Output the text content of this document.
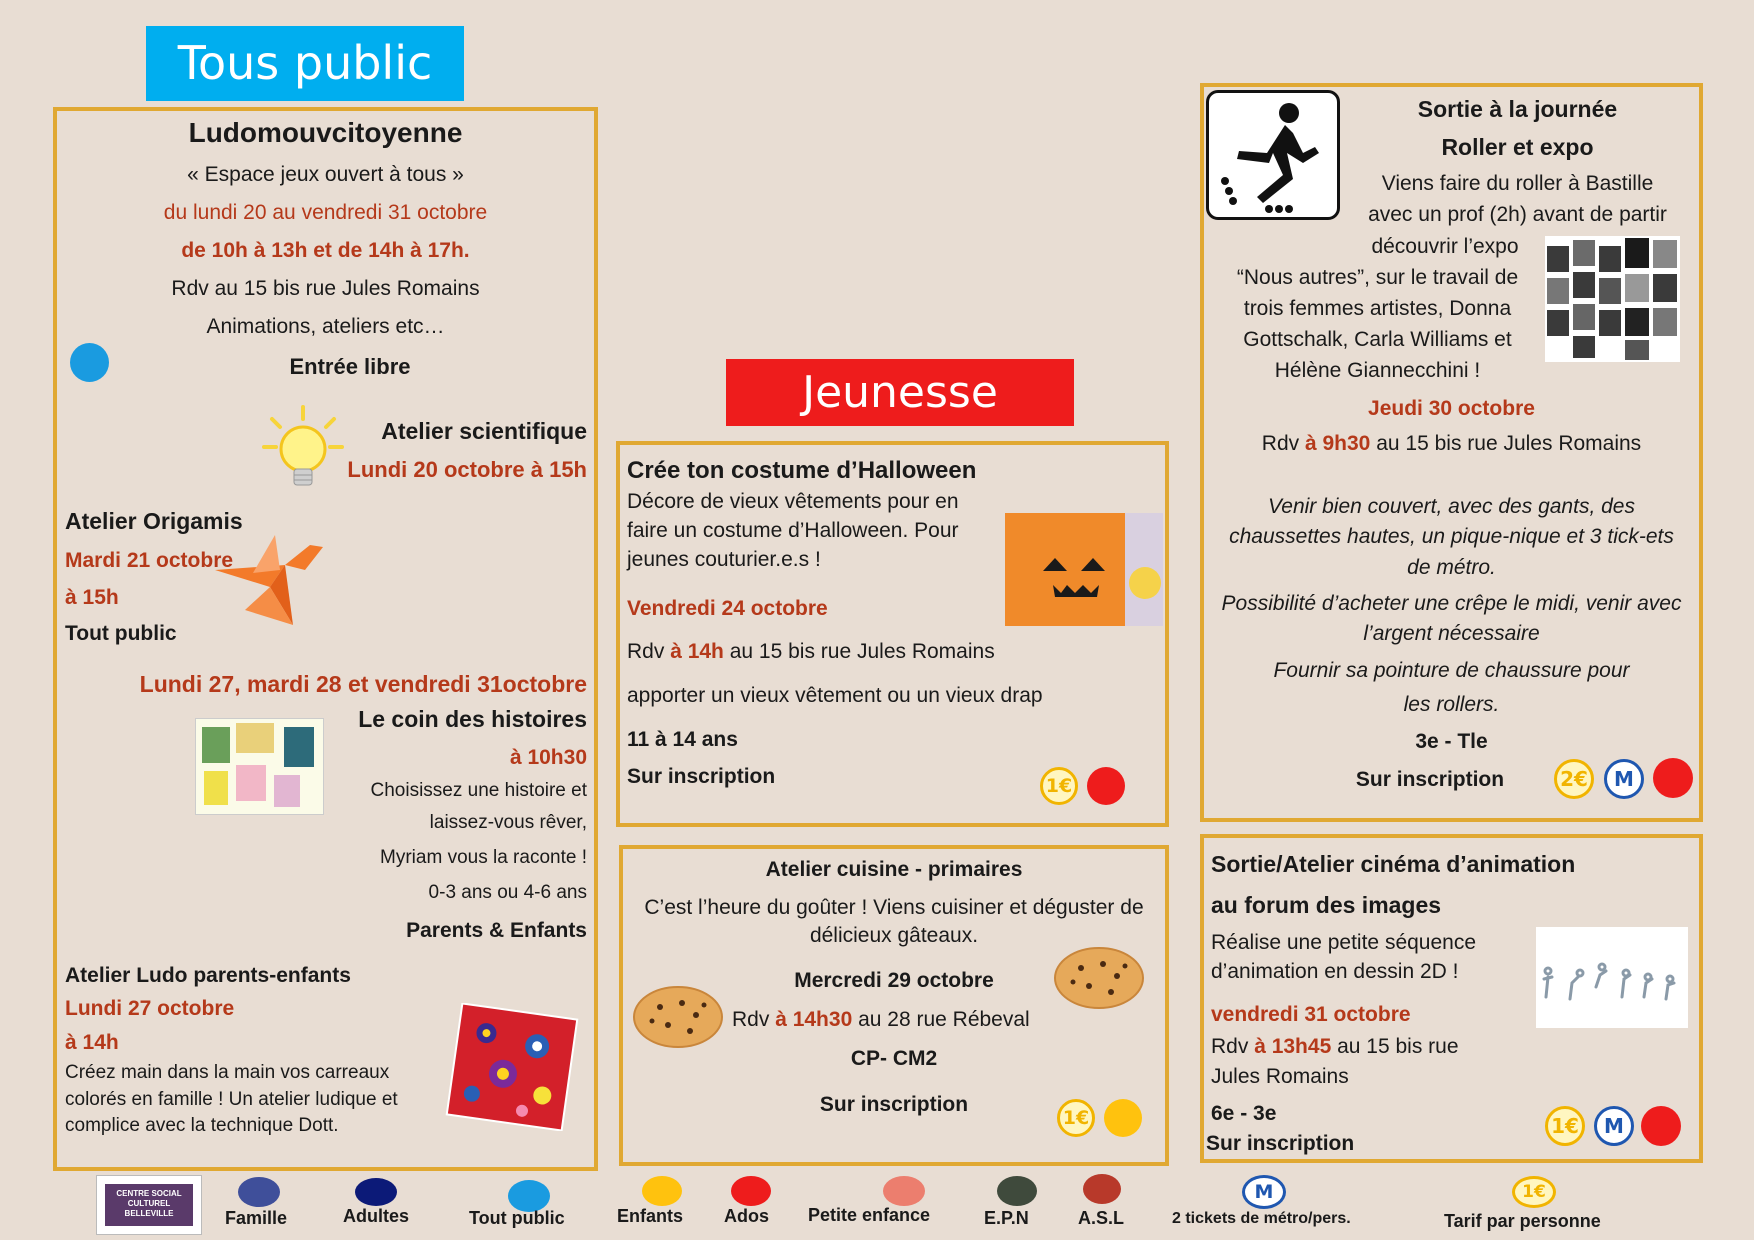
Tous public
Jeunesse
Ludomouvcitoyenne
« Espace jeux ouvert à tous »
du lundi 20 au vendredi 31 octobre
de 10h à 13h et de 14h à 17h.
Rdv au 15 bis rue Jules Romains
Animations, ateliers etc…
Entrée libre
Atelier scientifique
Lundi 20 octobre à 15h
Atelier Origamis
Mardi 21 octobre
à 15h
Tout public
Lundi 27, mardi 28 et vendredi 31octobre
Le coin des histoires
à 10h30
Choisissez une histoire et
laissez-vous rêver,
Myriam vous la raconte !
0-3 ans ou 4-6 ans
Parents & Enfants
Atelier Ludo parents-enfants
Lundi 27 octobre
à 14h
Créez main dans la main vos carreaux colorés en famille ! Un atelier ludique et complice avec la technique Dott.
Crée ton costume d’Halloween
Décore de vieux vêtements pour en faire un costume d’Halloween. Pour jeunes couturier.e.s !
Vendredi 24 octobre
Rdv à 14h au 15 bis rue Jules Romains
apporter un vieux vêtement ou un vieux drap
11 à 14 ans
Sur inscription	1€
Atelier cuisine - primaires
C’est l’heure du goûter ! Viens cuisiner et déguster de délicieux gâteaux.
Mercredi 29 octobre
Rdv à 14h30 au 28 rue Rébeval
CP- CM2
Sur inscription
1€
Sortie à la journée
Roller et expo
Viens faire du roller à Bastille
avec un prof (2h) avant de partir
découvrir l’expo
“Nous autres”, sur le travail de
trois femmes artistes, Donna
Gottschalk, Carla Williams et
Hélène Giannecchini !
Jeudi 30 octobre
Rdv à 9h30 au 15 bis rue Jules Romains
Venir bien couvert, avec des gants, des chaussettes hautes, un pique-nique et 3 tick-ets de métro.
Possibilité d’acheter une crêpe le midi, venir avec l’argent nécessaire
Fournir sa pointure de chaussure pour
les rollers.
3e - Tle
Sur inscription	2€	M
Sortie/Atelier cinéma d’animation
au forum des images
Réalise une petite séquence d’animation en dessin 2D !
vendredi 31 octobre
Rdv à 13h45 au 15 bis rue Jules Romains
6e - 3e
Sur inscription
1€	M
CENTRE SOCIAL CULTUREL BELLEVILLE	Famille	Adultes	Tout public	Enfants Ados Petite enfance	E.P.N	A.S.L
M
2 tickets de métro/pers.
1€
Tarif par personne
